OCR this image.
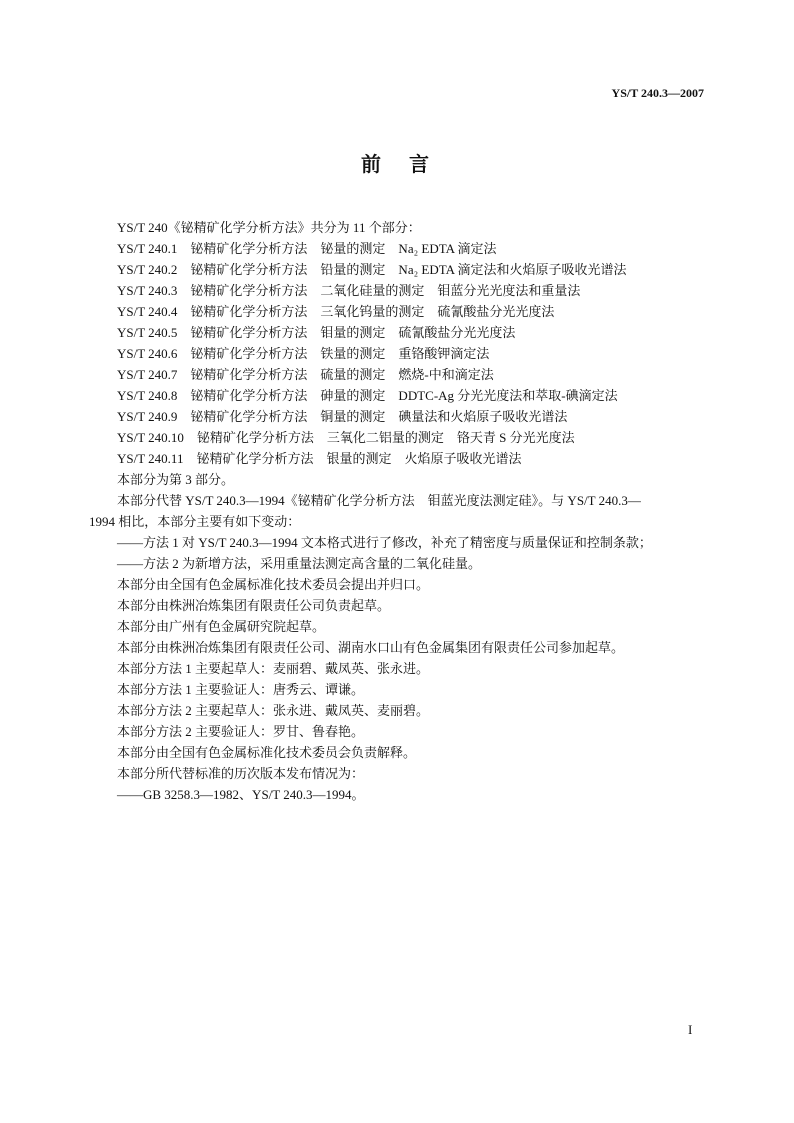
YS/T 240.3—2007
前　言
YS/T 240《铋精矿化学分析方法》共分为 11 个部分：
YS/T 240.1　铋精矿化学分析方法　铋量的测定　Na₂ EDTA 滴定法
YS/T 240.2　铋精矿化学分析方法　铅量的测定　Na₂ EDTA 滴定法和火焰原子吸收光谱法
YS/T 240.3　铋精矿化学分析方法　二氧化硅量的测定　钼蓝分光光度法和重量法
YS/T 240.4　铋精矿化学分析方法　三氧化钨量的测定　硫氰酸盐分光光度法
YS/T 240.5　铋精矿化学分析方法　钼量的测定　硫氰酸盐分光光度法
YS/T 240.6　铋精矿化学分析方法　铁量的测定　重铬酸钾滴定法
YS/T 240.7　铋精矿化学分析方法　硫量的测定　燃烧-中和滴定法
YS/T 240.8　铋精矿化学分析方法　砷量的测定　DDTC-Ag 分光光度法和萃取-碘滴定法
YS/T 240.9　铋精矿化学分析方法　铜量的测定　碘量法和火焰原子吸收光谱法
YS/T 240.10　铋精矿化学分析方法　三氧化二铝量的测定　铬天青 S 分光光度法
YS/T 240.11　铋精矿化学分析方法　银量的测定　火焰原子吸收光谱法
本部分为第 3 部分。
本部分代替 YS/T 240.3—1994《铋精矿化学分析方法　钼蓝光度法测定硅》。与 YS/T 240.3—
1994 相比，本部分主要有如下变动：
——方法 1 对 YS/T 240.3—1994 文本格式进行了修改，补充了精密度与质量保证和控制条款；
——方法 2 为新增方法，采用重量法测定高含量的二氧化硅量。
本部分由全国有色金属标准化技术委员会提出并归口。
本部分由株洲冶炼集团有限责任公司负责起草。
本部分由广州有色金属研究院起草。
本部分由株洲冶炼集团有限责任公司、湖南水口山有色金属集团有限责任公司参加起草。
本部分方法 1 主要起草人：麦丽碧、戴凤英、张永进。
本部分方法 1 主要验证人：唐秀云、谭谦。
本部分方法 2 主要起草人：张永进、戴凤英、麦丽碧。
本部分方法 2 主要验证人：罗甘、鲁春艳。
本部分由全国有色金属标准化技术委员会负责解释。
本部分所代替标准的历次版本发布情况为：
——GB 3258.3—1982、YS/T 240.3—1994。
I
